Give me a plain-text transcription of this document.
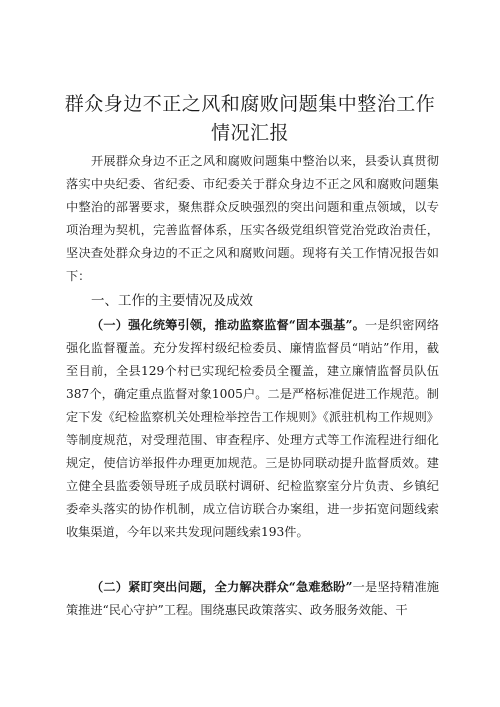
群众身边不正之风和腐败问题集中整治工作情况汇报

开展群众身边不正之风和腐败问题集中整治以来，县委认真贯彻落实中央纪委、省纪委、市纪委关于群众身边不正之风和腐败问题集中整治的部署要求，聚焦群众反映强烈的突出问题和重点领域，以专项治理为契机，完善监督体系，压实各级党组织管党治党政治责任，坚决查处群众身边的不正之风和腐败问题。现将有关工作情况报告如下：

一、工作的主要情况及成效

（一）强化统筹引领，推动监察监督“固本强基”。一是织密网络强化监督覆盖。充分发挥村级纪检委员、廉情监督员“哨站”作用，截至目前，全县129个村已实现纪检委员全覆盖，建立廉情监督员队伍387个，确定重点监督对象1005户。二是严格标准促进工作规范。制定下发《纪检监察机关处理检举控告工作规则》《派驻机构工作规则》等制度规范，对受理范围、审查程序、处理方式等工作流程进行细化规定，使信访举报件办理更加规范。三是协同联动提升监督质效。建立健全县监委领导班子成员联村调研、纪检监察室分片负责、乡镇纪委牵头落实的协作机制，成立信访联合办案组，进一步拓宽问题线索收集渠道，今年以来共发现问题线索193件。

（二）紧盯突出问题，全力解决群众“急难愁盼”一是坚持精准施策推进“民心守护”工程。围绕惠民政策落实、政务服务效能、干
